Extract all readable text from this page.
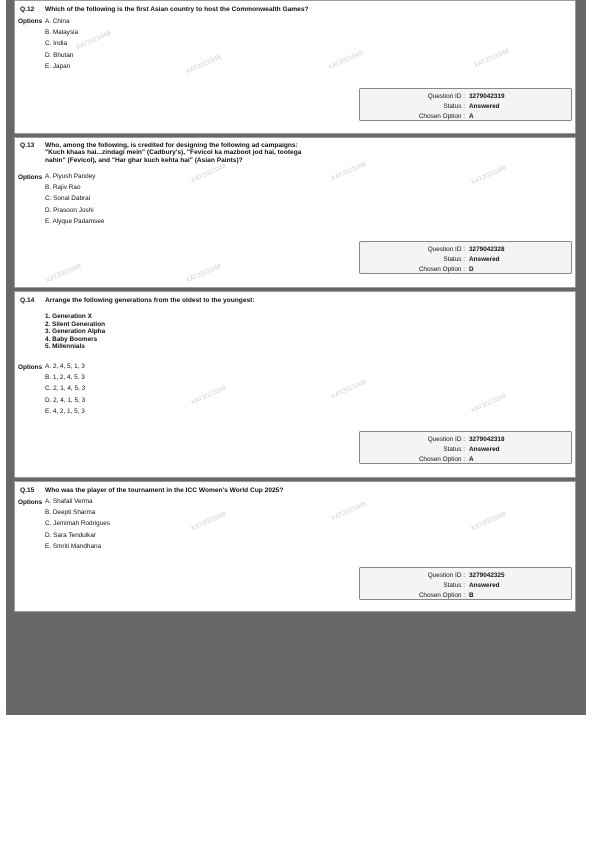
Q.12	Which of the following is the first Asian country to host the Commonwealth Games?
Options A. China
B. Malaysia
C. India
D. Bhutan
E. Japan
Question ID : 3279042319
Status : Answered
Chosen Option : A
XAT2021048
XAT2021048	XAT2021048	XAT2021048
Q.13	Who, among the following, is credited for designing the following ad campaigns:
"Kuch khaas hai...zindagi mein" (Cadbury's), "Fevicol ka mazboot jod hai, tootega
nahin" (Fevicol), and "Har ghar kuch kehta hai" (Asian Paints)?
Options A. Piyush Pandey
B. Rajiv Rao
C. Sonal Dabral
D. Prasoon Joshi
E. Alyque Padamsee
Question ID : 3279042328
Status : Answered
Chosen Option : D
XAT2021048	XAT2021048	XAT2021048
XAT2021048	XAT2021048
Q.14	Arrange the following generations from the oldest to the youngest:
1. Generation X
2. Silent Generation
3. Generation Alpha
4. Baby Boomers
5. Millennials
Options A. 2, 4, 5, 1, 3
B. 1, 2, 4, 5, 3
C. 2, 1, 4, 5, 3
D. 2, 4, 1, 5, 3
E. 4, 2, 1, 5, 3
Question ID : 3279042318
Status : Answered
Chosen Option : A
XAT2021048	XAT2021048
XAT2021048
Q.15	Who was the player of the tournament in the ICC Women's World Cup 2025?
Options A. Shafali Verma
B. Deepti Sharma
C. Jemimah Rodrigues
D. Sara Tendulkar
E. Smriti Mandhana
Question ID : 3279042325
Status : Answered
Chosen Option : B
XAT2021048	XAT2021048	XAT2021048
